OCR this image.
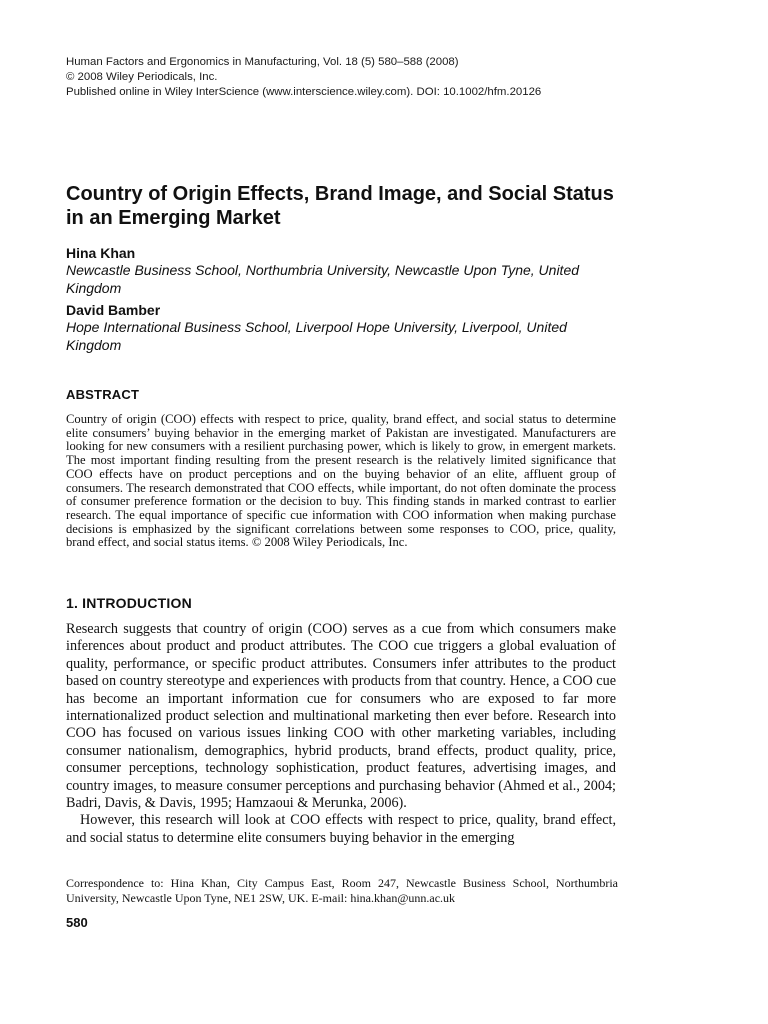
Human Factors and Ergonomics in Manufacturing, Vol. 18 (5) 580–588 (2008)
© 2008 Wiley Periodicals, Inc.
Published online in Wiley InterScience (www.interscience.wiley.com). DOI: 10.1002/hfm.20126
Country of Origin Effects, Brand Image, and Social Status in an Emerging Market
Hina Khan
Newcastle Business School, Northumbria University, Newcastle Upon Tyne, United Kingdom
David Bamber
Hope International Business School, Liverpool Hope University, Liverpool, United Kingdom
ABSTRACT

Country of origin (COO) effects with respect to price, quality, brand effect, and social status to determine elite consumers’ buying behavior in the emerging market of Pakistan are investigated. Manufacturers are looking for new consumers with a resilient purchasing power, which is likely to grow, in emergent markets. The most important finding resulting from the present research is the relatively limited significance that COO effects have on product perceptions and on the buying behavior of an elite, affluent group of consumers. The research demonstrated that COO effects, while important, do not often dominate the process of consumer preference formation or the decision to buy. This finding stands in marked contrast to earlier research. The equal importance of specific cue information with COO information when making purchase decisions is emphasized by the significant correlations between some responses to COO, price, quality, brand effect, and social status items. © 2008 Wiley Periodicals, Inc.

1. INTRODUCTION

Research suggests that country of origin (COO) serves as a cue from which consumers make inferences about product and product attributes. The COO cue triggers a global evaluation of quality, performance, or specific product attributes. Consumers infer attributes to the product based on country stereotype and experiences with products from that country. Hence, a COO cue has become an important information cue for consumers who are exposed to far more internationalized product selection and multinational marketing then ever before. Research into COO has focused on various issues linking COO with other marketing variables, including consumer nationalism, demographics, hybrid products, brand effects, product quality, price, consumer perceptions, technology sophistication, product features, advertising images, and country images, to measure consumer perceptions and purchasing behavior (Ahmed et al., 2004; Badri, Davis, & Davis, 1995; Hamzaoui & Merunka, 2006).

However, this research will look at COO effects with respect to price, quality, brand effect, and social status to determine elite consumers buying behavior in the emerging

Correspondence to: Hina Khan, City Campus East, Room 247, Newcastle Business School, Northumbria University, Newcastle Upon Tyne, NE1 2SW, UK. E-mail: hina.khan@unn.ac.uk

580
